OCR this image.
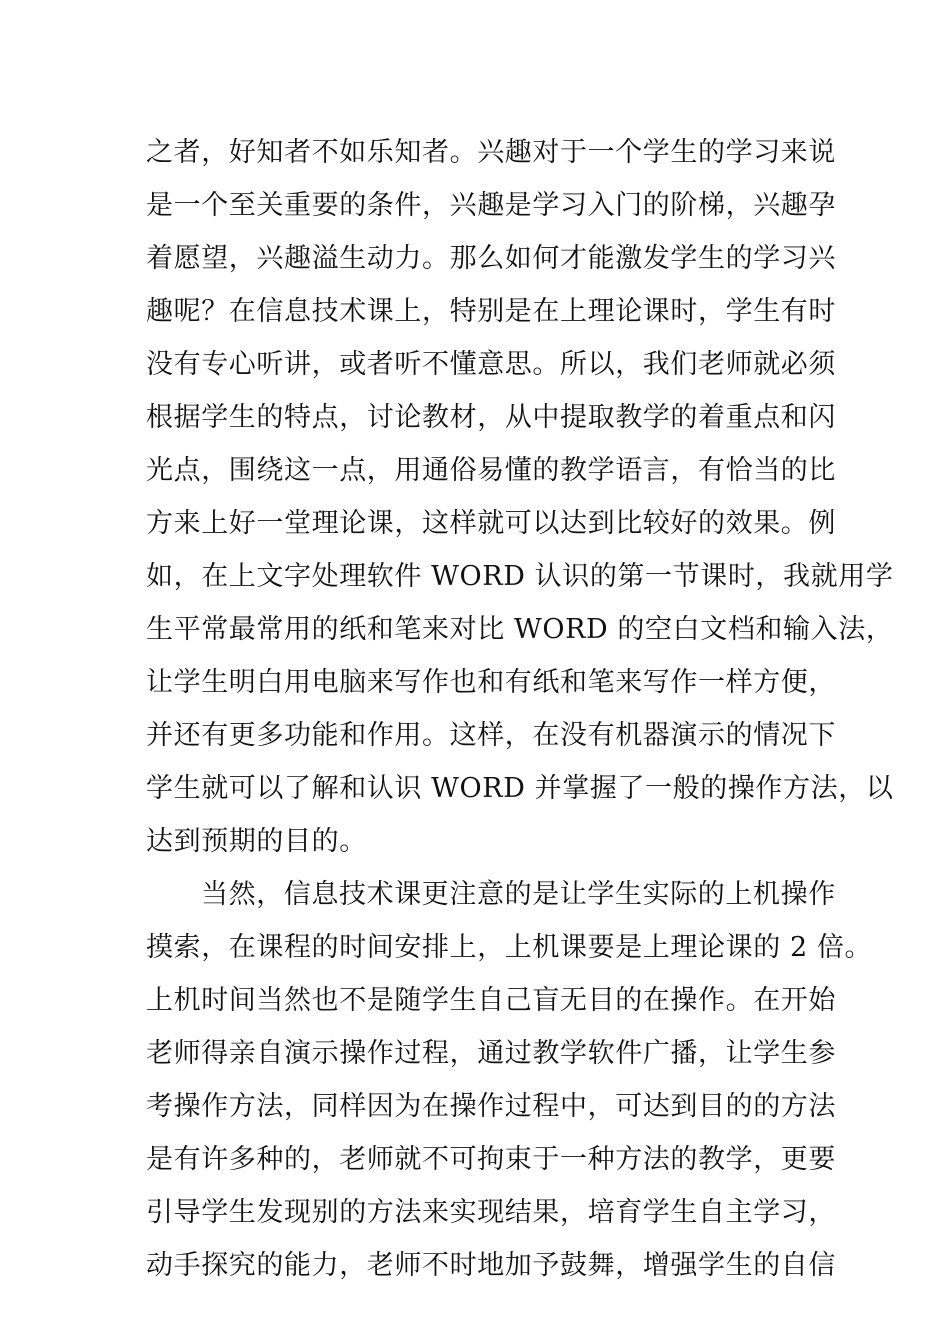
之者，好知者不如乐知者。兴趣对于一个学生的学习来说
是一个至关重要的条件，兴趣是学习入门的阶梯，兴趣孕
着愿望，兴趣溢生动力。那么如何才能激发学生的学习兴
趣呢？在信息技术课上，特别是在上理论课时，学生有时
没有专心听讲，或者听不懂意思。所以，我们老师就必须
根据学生的特点，讨论教材，从中提取教学的着重点和闪
光点，围绕这一点，用通俗易懂的教学语言，有恰当的比
方来上好一堂理论课，这样就可以达到比较好的效果。例
如，在上文字处理软件 WORD 认识的第一节课时，我就用学
生平常最常用的纸和笔来对比 WORD 的空白文档和输入法，
让学生明白用电脑来写作也和有纸和笔来写作一样方便，
并还有更多功能和作用。这样，在没有机器演示的情况下
学生就可以了解和认识 WORD 并掌握了一般的操作方法，以
达到预期的目的。
当然，信息技术课更注意的是让学生实际的上机操作
摸索，在课程的时间安排上，上机课要是上理论课的 2 倍。
上机时间当然也不是随学生自己盲无目的在操作。在开始
老师得亲自演示操作过程，通过教学软件广播，让学生参
考操作方法，同样因为在操作过程中，可达到目的的方法
是有许多种的，老师就不可拘束于一种方法的教学，更要
引导学生发现别的方法来实现结果，培育学生自主学习，
动手探究的能力，老师不时地加予鼓舞，增强学生的自信
